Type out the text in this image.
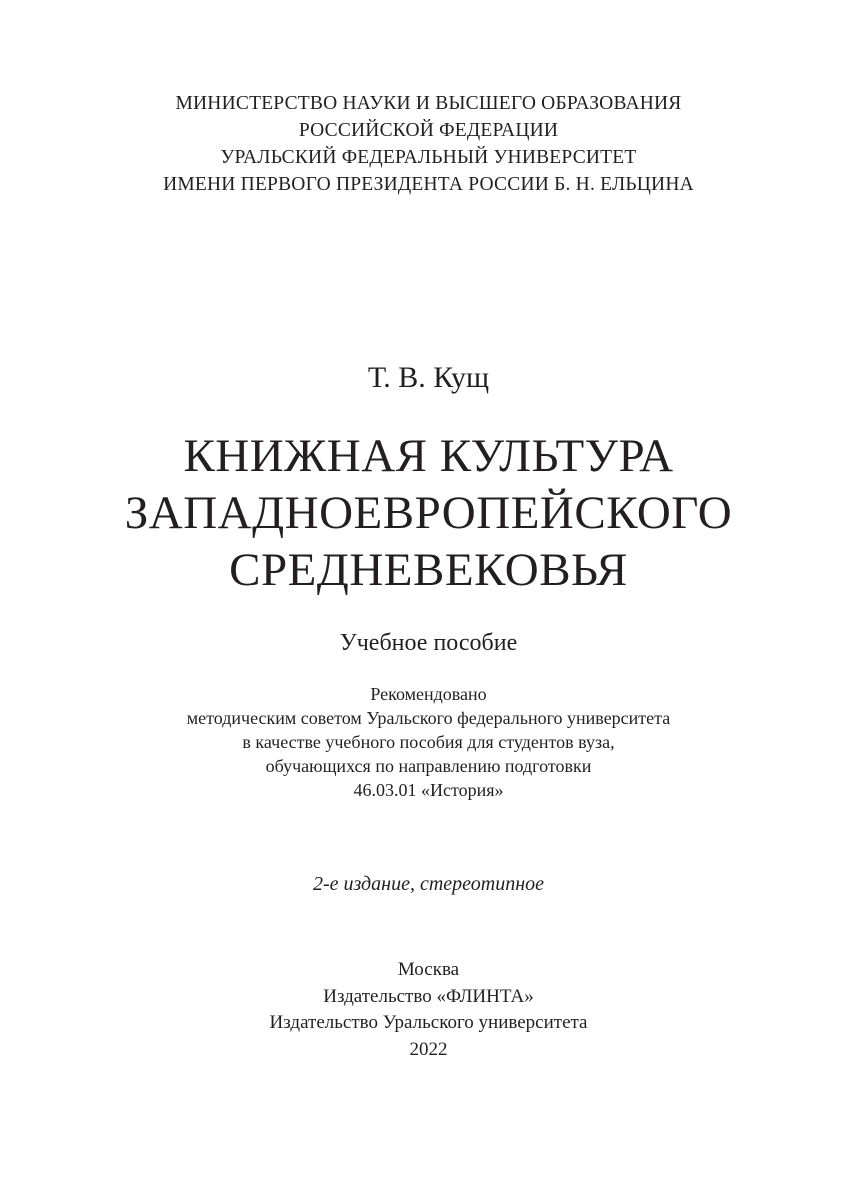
МИНИСТЕРСТВО НАУКИ И ВЫСШЕГО ОБРАЗОВАНИЯ
РОССИЙСКОЙ ФЕДЕРАЦИИ
УРАЛЬСКИЙ ФЕДЕРАЛЬНЫЙ УНИВЕРСИТЕТ
ИМЕНИ ПЕРВОГО ПРЕЗИДЕНТА РОССИИ Б. Н. ЕЛЬЦИНА
Т. В. Кущ
КНИЖНАЯ КУЛЬТУРА
ЗАПАДНОЕВРОПЕЙСКОГО
СРЕДНЕВЕКОВЬЯ
Учебное пособие
Рекомендовано
методическим советом Уральского федерального университета
в качестве учебного пособия для студентов вуза,
обучающихся по направлению подготовки
46.03.01 «История»
2-е издание, стереотипное
Москва
Издательство «ФЛИНТА»
Издательство Уральского университета
2022
